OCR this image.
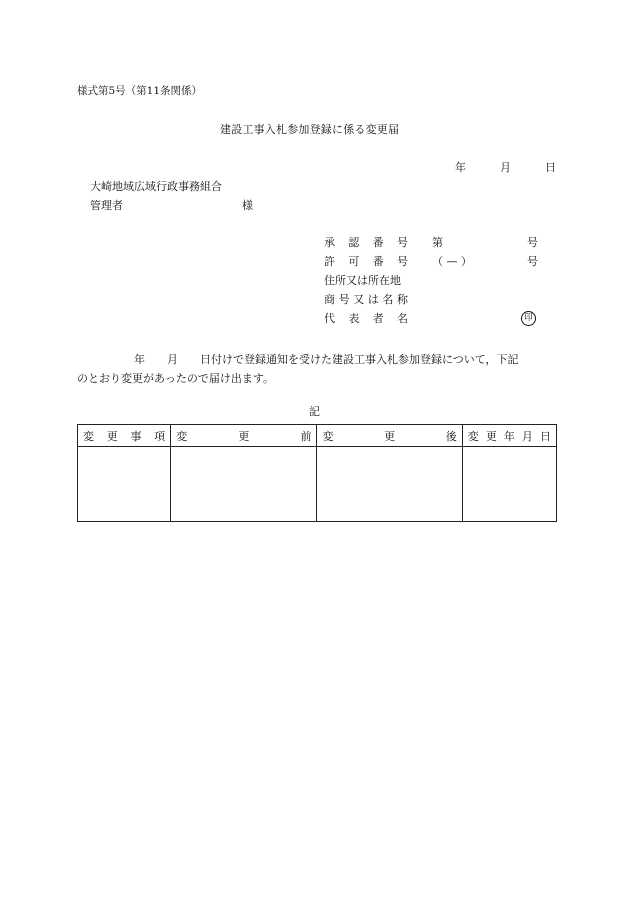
様式第5号（第11条関係）
建設工事入札参加登録に係る変更届
年	月	日
大崎地域広域行政事務組合
管理者	様
承 認 番 号 第	号
許 可 番 号 （ — ）	号
住所又は所在地
商 号 又 は 名 称
代 表 者 名	印
年 月 日付けで登録通知を受けた建設工事入札参加登録について，下記
のとおり変更があったので届け出ます。
記
変 更 事 項	変 更 前	変 更 後	変 更 年 月 日
